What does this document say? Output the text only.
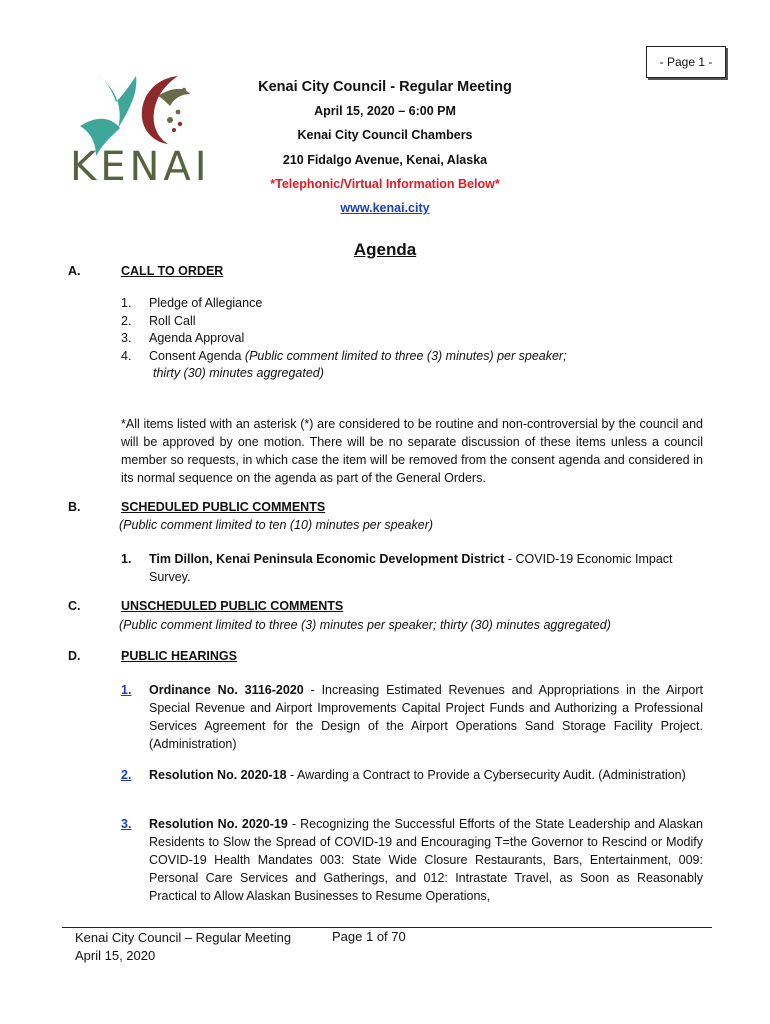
- Page 1 -
KENAI
Kenai City Council - Regular Meeting
April 15, 2020 – 6:00 PM
Kenai City Council Chambers
210 Fidalgo Avenue, Kenai, Alaska
*Telephonic/Virtual Information Below*
www.kenai.city
Agenda
A.	CALL TO ORDER
1.	Pledge of Allegiance
2.	Roll Call
3.	Agenda Approval
4.	Consent Agenda (Public comment limited to three (3) minutes) per speaker;
thirty (30) minutes aggregated)
*All items listed with an asterisk (*) are considered to be routine and non-controversial by the council and will be approved by one motion. There will be no separate discussion of these items unless a council member so requests, in which case the item will be removed from the consent agenda and considered in its normal sequence on the agenda as part of the General Orders.
B.	SCHEDULED PUBLIC COMMENTS
(Public comment limited to ten (10) minutes per speaker)
1.	Tim Dillon, Kenai Peninsula Economic Development District - COVID-19 Economic Impact Survey.
C.	UNSCHEDULED PUBLIC COMMENTS
(Public comment limited to three (3) minutes per speaker; thirty (30) minutes aggregated)
D.	PUBLIC HEARINGS
1.	Ordinance No. 3116-2020 - Increasing Estimated Revenues and Appropriations in the Airport Special Revenue and Airport Improvements Capital Project Funds and Authorizing a Professional Services Agreement for the Design of the Airport Operations Sand Storage Facility Project. (Administration)
2.	Resolution No. 2020-18 - Awarding a Contract to Provide a Cybersecurity Audit. (Administration)
3.	Resolution No. 2020-19 - Recognizing the Successful Efforts of the State Leadership and Alaskan Residents to Slow the Spread of COVID-19 and Encouraging T=the Governor to Rescind or Modify COVID-19 Health Mandates 003: State Wide Closure Restaurants, Bars, Entertainment, 009: Personal Care Services and Gatherings, and 012: Intrastate Travel, as Soon as Reasonably Practical to Allow Alaskan Businesses to Resume Operations,
Kenai City Council – Regular Meeting
April 15, 2020
Page 1 of 70
